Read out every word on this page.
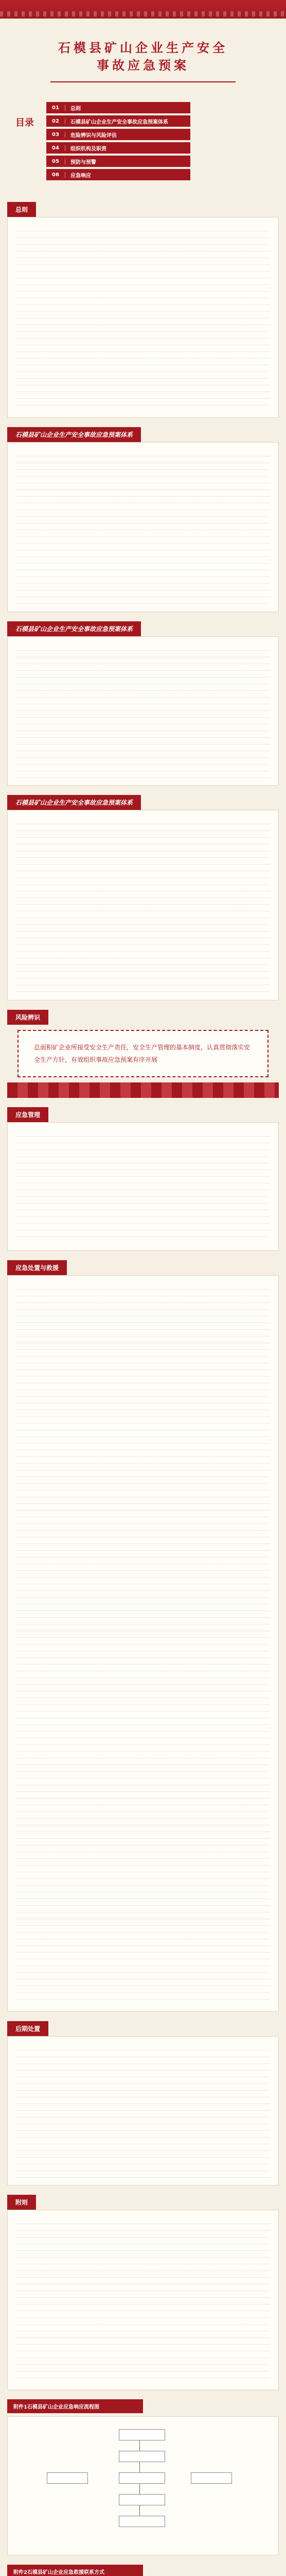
石模县矿山企业生产安全
事故应急预案
目录
01	总则
02	石模县矿山企业生产安全事故应急预案体系
03	危险辨识与风险评估
04	组织机构及职责
05	预防与预警
06	应急响应
总则
石模县矿山企业生产安全事故应急预案体系
石模县矿山企业生产安全事故应急预案体系
石模县矿山企业生产安全事故应急预案体系
风险辨识
总面积矿企业所接受安全生产责任，安全生产管理的基本制度，认真贯彻落实安全生产方针，有效组织事故应急预案有序开展
应急管理
应急处置与救援
后期处置
附则
附件1石模县矿山企业应急响应流程图
附件2石模县矿山企业应急救援联系方式
